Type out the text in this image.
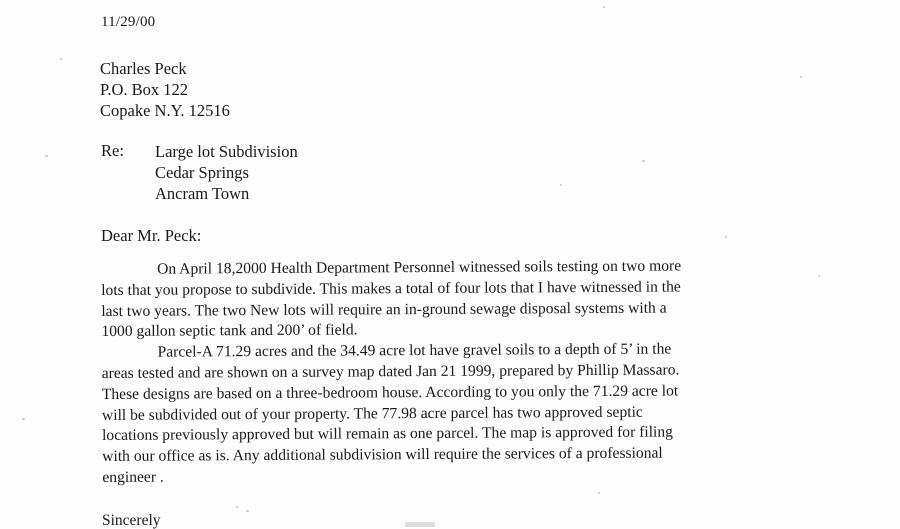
11/29/00
Charles Peck
P.O. Box 122
Copake N.Y. 12516
Re: Large lot Subdivision
Cedar Springs
Ancram Town
Dear Mr. Peck:
On April 18,2000 Health Department Personnel witnessed soils testing on two more
lots that you propose to subdivide. This makes a total of four lots that I have witnessed in the
last two years. The two New lots will require an in-ground sewage disposal systems with a
1000 gallon septic tank and 200’ of field.
Parcel-A 71.29 acres and the 34.49 acre lot have gravel soils to a depth of 5’ in the
areas tested and are shown on a survey map dated Jan 21 1999, prepared by Phillip Massaro.
These designs are based on a three-bedroom house. According to you only the 71.29 acre lot
will be subdivided out of your property. The 77.98 acre parcel has two approved septic
locations previously approved but will remain as one parcel. The map is approved for filing
with our office as is. Any additional subdivision will require the services of a professional
engineer .
Sincerely
